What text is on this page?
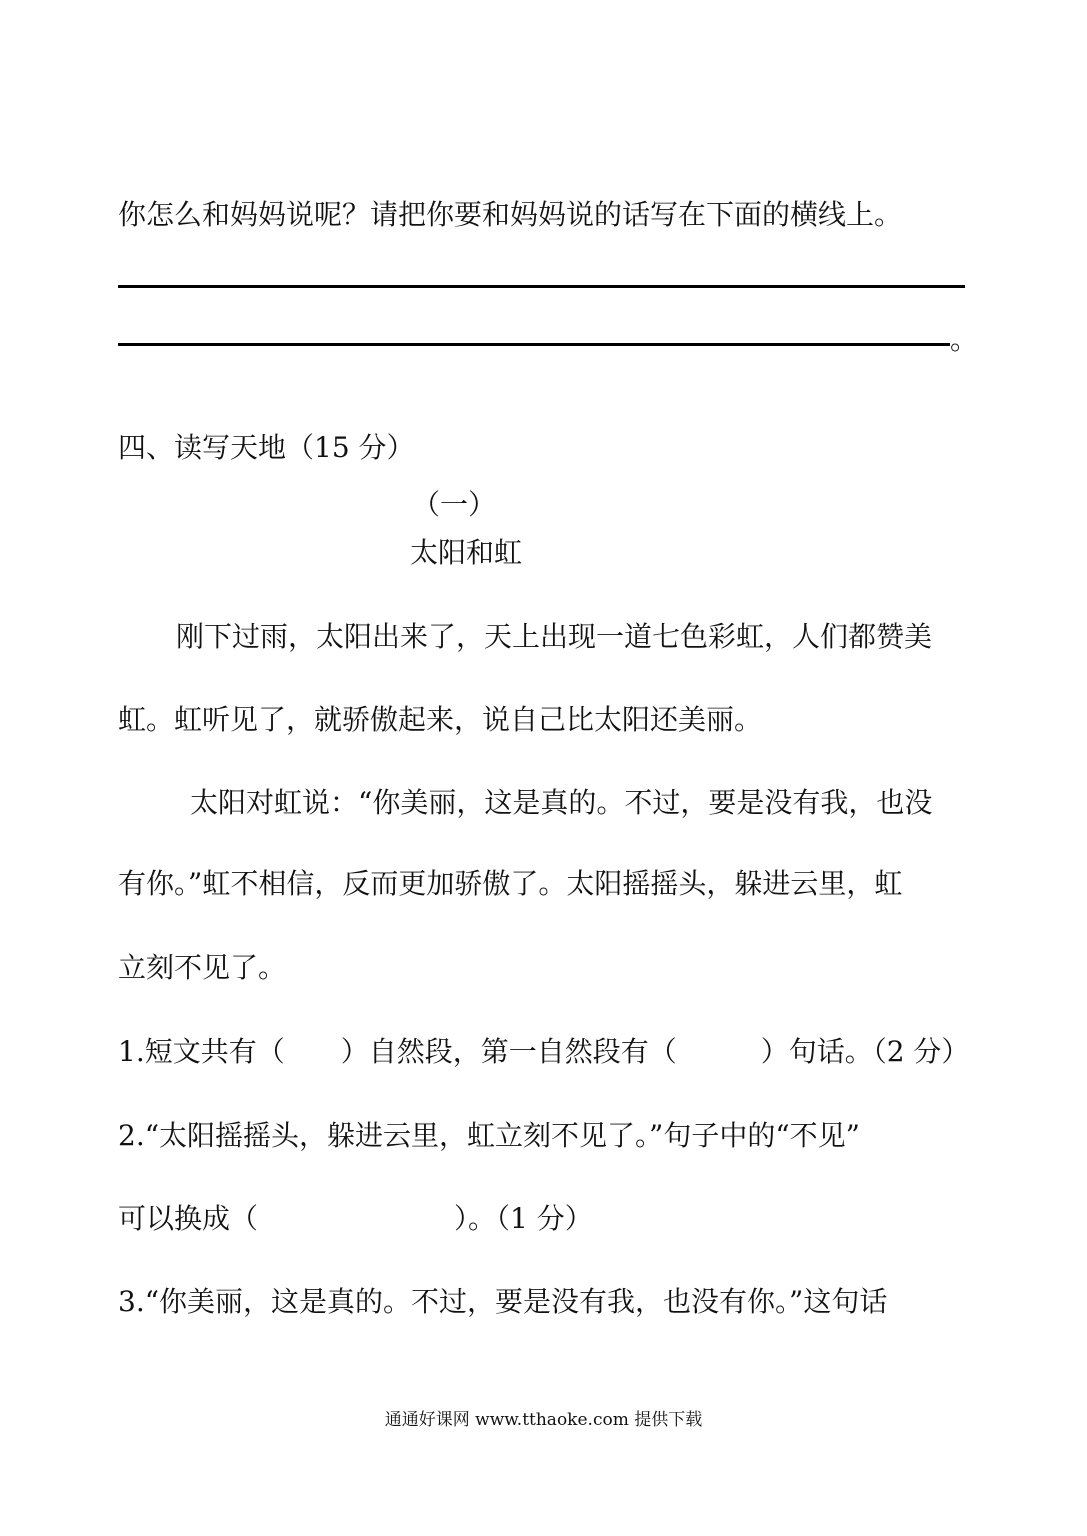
你怎么和妈妈说呢？请把你要和妈妈说的话写在下面的横线上。
。
四、读写天地（15 分）
（一）
太阳和虹
刚下过雨，太阳出来了，天上出现一道七色彩虹，人们都赞美
虹。虹听见了，就骄傲起来，说自己比太阳还美丽。
太阳对虹说：“你美丽，这是真的。不过，要是没有我，也没
有你。”虹不相信，反而更加骄傲了。太阳摇摇头，躲进云里，虹
立刻不见了。
1.短文共有（　　）自然段，第一自然段有（　　　）句话。（2 分）
2.“太阳摇摇头，躲进云里，虹立刻不见了。”句子中的“不见”
可以换成（　　　　　　　）。（1 分）
3.“你美丽，这是真的。不过，要是没有我，也没有你。”这句话
通通好课网 www.tthaoke.com 提供下载
